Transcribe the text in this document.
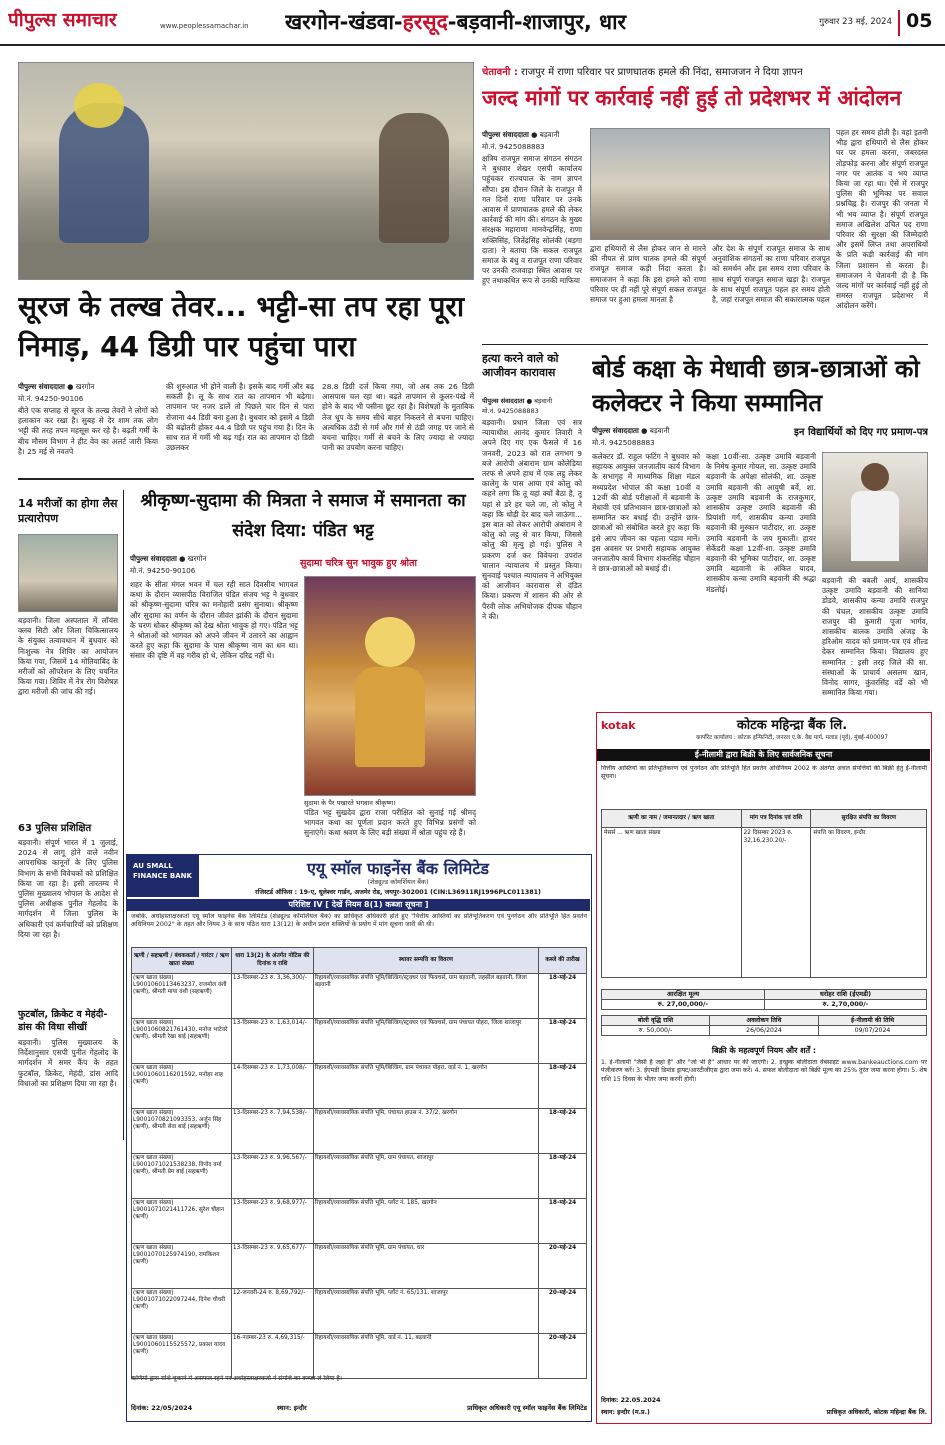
पीपुल्स समाचार	www.peoplessamachar.in	खरगोन-खंडवा-हरसूद-बड़वानी-शाजापुर, धार	गुरुवार 23 मई, 2024 05
सूरज के तल्ख तेवर... भट्टी-सा तप रहा पूरा निमाड़, 44 डिग्री पार पहुंचा पारा
पीपुल्स संवाददाता ● खरगोन
मो.नं. 94250-90106
बीते एक सप्ताह से सूरज के तल्ख तेवरों ने लोगों को हलाकान कर रखा है। सुबह से देर शाम तक लोग भट्टी की तरह तपन महसूस कर रहे है। बढ़ती गर्मी के बीच मौसम विभाग ने हीट वेव का अलर्ट जारी किया है। 25 मई से नवतपे
की शुरुआत भी होने वाली है। इसके बाद गर्मी और बढ़ सकती है। लू के साथ रात का तापमान भी बढ़ेगा। तापमान पर नजर डालें तो पिछले चार दिन से पारा रोजाना 44 डिग्री बना हुआ है। बुधवार को इसमें 4 डिग्री की बढ़ोतरी होकर 44.4 डिग्री पर पहुंच गया है। दिन के साथ रात में गर्मी भी बढ़ गई। रात का तापमान दो डिग्री उछलकर
28.8 डिग्री दर्ज किया गया, जो अब तक 26 डिग्री आसपास चल रहा था। बढ़ते तापमान से कूलर-पंखे में होने के बाद भी पसीना छूट रहा है। विशेषज्ञों के मुताबिक तेज धूप के समय सीधे बाहर निकलने से बचना चाहिए। अत्यधिक ठंडी से गर्म और गर्म से ठंडी जगह पर जाने से बचना चाहिए। गर्मी से बचने के लिए ज्यादा से ज्यादा पानी का उपयोग करना चाहिए।
चेतावनी : राजपुर में राणा परिवार पर प्राणघातक हमले की निंदा, समाजजन ने दिया ज्ञापन
जल्द मांगों पर कार्रवाई नहीं हुई तो प्रदेशभर में आंदोलन
पीपुल्स संवाददाता ● बड़वानी
मो.नं. 9425088883
क्षत्रिय राजपूत समाज संगठन संगठन ने बुधवार शेखर एसपी कार्यालय पहुंचकर राज्यपाल के नाम ज्ञापन सौंपा। इस दौरान जिले के राजपूत में गत दिनों राणा परिवार पर उनके आवास में प्राणघातक हमले की लेकर कार्रवाई की मांग की। संगठन के मुख्य संरक्षक महाराणा मानवेन्द्रसिंह, राणा शक्तिसिंह, जितेंद्रसिंह सोलंकी (बड़गा दाता) ने बताया कि सकल राजपूत समाज के बंधु व राजपूत राणा परिवार पर उनकी राजवाड़ा स्थित आवास पर हुए तथाकथित रूप से उनकी माफिया
द्वारा हथियारों से लैस होकर जान से मारने की नीयत से प्राण घातक हमले की संपूर्ण राजपूत समाज कड़ी निंदा करता है। समाजजन ने कहा कि इस हमले को राणा परिवार पर ही नहीं पूरे संपूर्ण सकल राजपूत समाज पर हुआ हमला मानता है
और देश के संपूर्ण राजपूत समाज के साथ अनुवांशिक संगठनों का राणा परिवार राजपूत को समर्थन और इस समय राणा परिवार के साथ संपूर्ण राजपूत समाज खड़ा है। राजपूत के साथ संपूर्ण राजपूत पहल हर समय होती है, जहां राजपूत समाज की सकारात्मक पहल
पहल हर समय होती है। वहां इतनी भीड़ द्वारा हथियारों से लैस होकर घर पर हमला करना, जबरदस्त तोड़फोड़ करना और संपूर्ण राजपूत नगर पर आतंक व भय व्याप्त किया जा रहा था। ऐसे में राजपुर पुलिस की भूमिका पर सवाल प्रश्नचिह्न है। राजपुर की जनता में भी भय व्याप्त है। संपूर्ण राजपूत समाज अखिलेश उचित पद राणा परिवार की सुरक्षा की जिम्मेदारी और इसमें लिप्त तथा अपराधियों के प्रति कड़ी कार्रवाई की मांग जिला प्रशासन से करता है। समाजजन ने चेतावनी दी है कि जल्द मांगों पर कार्रवाई नहीं हुई तो समस्त राजपूत प्रदेशभर में आंदोलन करेंगे।
हत्या करने वाले को आजीवन कारावास
पीपुल्स संवाददाता ● बड़वानी
मो.नं. 9425088883
बड़वानी। प्रधान जिला एवं सत्र न्यायाधीश आनंद कुमार तिवारी ने अपने दिए गए एक फैसले में 16 जनवरी, 2023 को रात लगभग 9 बजे आरोपी अंबाराम ग्राम कोलेड़िया तरफ से अपने हाथ में एक लट्ठ लेकर कालेगु के पास आया एवं कोलु को कहने लगा कि तू यहां क्यों बैठा है, तू यहां से डरे हर चले जा, तो कोलु ने कहा कि थोड़ी देर बाद चले जाऊंगा... इस बात को लेकर आरोपी अंबाराम ने कोलु को लट्ठ से वार किया, जिससे कोलु की मृत्यु हो गई। पुलिस ने प्रकरण दर्ज कर विवेचना उपरांत चालान न्यायालय में प्रस्तुत किया। सुनवाई पश्चात न्यायालय ने अभियुक्त को आजीवन कारावास से दंडित किया। प्रकरण में शासन की ओर से पैरवी लोक अभियोजक दीपक चौहान ने की।
बोर्ड कक्षा के मेधावी छात्र-छात्राओं को कलेक्टर ने किया सम्मानित
पीपुल्स संवाददाता ● बड़वानी	इन विद्यार्थियों को दिए गए प्रमाण-पत्र
मो.नं. 9425088883
कलेक्टर डॉ. राहुल फटिंग ने बुधवार को सहायक आयुक्त जनजातीय कार्य विभाग के सभागृह में माध्यमिक शिक्षा मंडल मध्यप्रदेश भोपाल की कक्षा 10वीं व 12वीं की बोर्ड परीक्षाओं में बड़वानी के मेधावी एवं प्रतिभावान छात्र-छात्राओं को सम्मानित कर बधाई दी। उन्होंने छात्र-छात्राओं को संबोधित करते हुए कहा कि इसे आप जीवन का पहला पड़ाव मानें। इस अवसर पर प्रभारी सहायक आयुक्त जनजातीय कार्य विभाग शंकरसिंह चौहान ने छात्र-छात्राओं को बधाई दी।
कक्षा 10वीं-सा. उत्कृष्ट उमावि बड़वानी के निमेष कुमार गोयल, सा. उत्कृष्ट उमावि बड़वानी के अपेक्षा सोलंकी, शा. उत्कृष्ट उमावि बड़वानी की आयुषी बर्वे, शा. उत्कृष्ट उमावि बड़वानी के राजकुमार, शासकीय उत्कृष्ट उमावि बड़वानी की प्रियांशी गर्ग, शासकीय कन्या उमावि बड़वानी की मुस्कान पाटीदार, शा. उत्कृष्ट उमावि बड़वानी के जय मुकाती। हायर सेकेंडरी कक्षा 12वीं-शा. उत्कृष्ट उमावि बड़वानी की भूमिका पाटीदार, शा. उत्कृष्ट उमावि बड़वानी के अंकित यादव, शासकीय कन्या उमावि बड़वानी की श्रद्धा मंडलोई।
बड़वानी की बबली आर्य, शासकीय उत्कृष्ट उमावि बड़वानी की सानिया डोडवे, शासकीय कन्या उमावि राजपुर की चंचल, शासकीय उत्कृष्ट उमावि राजपुर की कुमारी पूजा भार्गव, शासकीय बालक उमावि अंजड़ के हरिओम यादव को प्रमाण-पत्र एवं शील्ड देकर सम्मानित किया। विद्यालय हुए सम्मानित : इसी तरह जिले की सा. संस्थाओं के प्राचार्य असलम खान, विनोद सागर, कुंवरसिंह वर्डे को भी सम्मानित किया गया।
14 मरीजों का होगा लैस प्रत्यारोपण
बड़वानी। जिला अस्पताल में लॉयंस क्लब सिटी और जिला चिकित्सालय के संयुक्त तत्वावधान में बुधवार को निःशुल्क नेत्र शिविर का आयोजन किया गया, जिसमें 14 मोतियाबिंद के मरीजों को ऑपरेशन के लिए चयनित किया गया। शिविर में नेत्र रोग विशेषज्ञ द्वारा मरीजों की जांच की गई।
63 पुलिस प्रशिक्षित
बड़वानी। संपूर्ण भारत में 1 जुलाई, 2024 से लागू होने वाले नवीन आपराधिक कानूनों के लिए पुलिस विभाग के सभी विवेचकों को प्रशिक्षित किया जा रहा है। इसी तारतम्य में पुलिस मुख्यालय भोपाल के आदेश से पुलिस अधीक्षक पुनीत गेहलोद के मार्गदर्शन में जिला पुलिस के अधिकारी एवं कर्मचारियों को प्रशिक्षण दिया जा रहा है।
फुटबॉल, क्रिकेट व मेहंदी-डांस की विधा सीखीं
बड़वानी। पुलिस मुख्यालय के निर्देशानुसार एसपी पुनीत गेहलोद के मार्गदर्शन में समर कैंप के तहत फुटबॉल, क्रिकेट, मेहंदी, डांस आदि विधाओं का प्रशिक्षण दिया जा रहा है।
श्रीकृष्ण-सुदामा की मित्रता ने समाज में समानता का संदेश दिया: पंडित भट्ट
पीपुल्स संवाददाता ● खरगोन
मो.नं. 94250-90106
सुदामा चरित्र सुन भावुक हुए श्रोता
शहर के सीता मंगल भवन में चल रही सात दिवसीय भागवत कथा के दौरान व्यासपीठ विराजित पंडित संजय भट्ट ने बुधवार को श्रीकृष्ण-सुदामा चरित्र का मनोहारी प्रसंग सुनाया। श्रीकृष्ण और सुदामा का वर्णन के दौरान जीवंत झांकी के दौरान सुदामा के चरण धोकर श्रीकृष्ण को देख श्रोता भावुक हो गए। पंडित भट्ट ने श्रोताओं को भागवत को अपने जीवन में उतारने का आह्वान करते हुए कहा कि सुदामा के पास श्रीकृष्ण नाम का धन था। संसार की दृष्टि में वह गरीब हो थे, लेकिन दरिद्र नहीं थे।
सुदामा के पैर पखारते भगवान श्रीकृष्ण।
पंडित भट्ट सुखदेव द्वारा राजा परीक्षित को सुनाई गई श्रीमद् भागवत कथा का पूर्णता प्रदान करते हुए विभिन्न प्रसंगों को सुनाएंगे। कथा श्रवण के लिए बड़ी संख्या में श्रोता पहुंच रहे हैं।
AU SMALL FINANCE BANK	एयू स्मॉल फाइनेंस बैंक लिमिटेड
(शेड्यूल्ड कॉमर्शियल बैंक)
रजिस्टर्ड ऑफिस : 19-ए, धूलेश्वर गार्डन, अजमेर रोड, जयपुर-302001 (CIN:L36911RJ1996PLC011381)
परिशिष्ट IV [ देखें नियम 8(1) कब्जा सूचना ]
जबकि, अधोहस्ताक्षरकर्ता एयू स्मॉल फाइनेंस बैंक लिमिटेड (शेड्यूल्ड कॉमर्शियल बैंक) का प्राधिकृत अधिकारी होते हुए "वित्तीय आस्तियों का प्रतिभूतिकरण एवं पुनर्गठन और प्रतिभूति हित प्रवर्तन अधिनियम 2002" के तहत और नियम 3 के साथ पठित धारा 13(12) के अधीन प्रदत्त शक्तियों के प्रयोग में मांग सूचना जारी की थी।
ऋणी / सहऋणी / बंधककर्ता / गारंटर / ऋण खाता संख्या	धारा 13(2) के अंतर्गत नोटिस की दिनांक व राशि	स्थावर सम्पत्ति का विवरण	कब्जे की तारीख
(ऋण खाता संख्या) L9001060113463237, राजमोल वंशी (ऋणी), श्रीमती माया वंशी (सहऋणी)	13-दिसम्बर-23 रु. 3,36,300/-	रिहायशी/व्यावसायिक संपत्ति भूमि/बिल्डिंग/स्ट्रक्चर एवं फिक्चर्स, ग्राम बड़वानी, तहसील बड़वानी, जिला बड़वानी	18-मई-24
(ऋण खाता संख्या) L9001060821761430, मनोज भाटेवरे (ऋणी), श्रीमती रेखा बाई (सहऋणी)	13-दिसम्बर-23 रु. 1,63,014/-	रिहायशी/व्यावसायिक संपत्ति भूमि/बिल्डिंग/स्ट्रक्चर एवं फिक्चर्स, ग्राम पंचायत पोहरा, जिला शाजापुर	18-मई-24
(ऋण खाता संख्या) L9001060116201592, मनोहर शाह (ऋणी)	14-दिसम्बर-23 रु. 1,73,008/-	रिहायशी/व्यावसायिक संपत्ति भूमि/बिल्डिंग, ग्राम पंचायत पोहरा, वार्ड नं. 1, खरगोन	18-मई-24
(ऋण खाता संख्या) L9001070821093353, अर्जुन सिंह (ऋणी), श्रीमती सेवा बाई (सहऋणी)	13-दिसम्बर-23 रु. 7,94,538/-	रिहायशी/व्यावसायिक संपत्ति भूमि, पंचायत हाउस नं. 37/2, खरगोन	18-मई-24
(ऋण खाता संख्या) L9001071021538238, विनोद वर्मा (ऋणी), श्रीमती प्रेम बाई (सहऋणी)	13-दिसम्बर-23 रु. 9,96,567/-	रिहायशी/व्यावसायिक संपत्ति भूमि, ग्राम पंचायत, शाजापुर	18-मई-24
(ऋण खाता संख्या) L9001071021411726, सुरेश चौहान (ऋणी)	13-दिसम्बर-23 रु. 9,68,977/-	रिहायशी/व्यावसायिक संपत्ति भूमि, प्लॉट नं. 185, खरगोन	18-मई-24
(ऋण खाता संख्या) L9001070125974190, रामकिशन (ऋणी)	13-दिसम्बर-23 रु. 9,65,677/-	रिहायशी/व्यावसायिक संपत्ति भूमि, ग्राम पंचायत, धार	20-मई-24
(ऋण खाता संख्या) L9001071022097244, दिनेश चौधरी (ऋणी)	12-जनवरी-24 रु. 8,69,792/-	रिहायशी/व्यावसायिक संपत्ति भूमि, प्लॉट नं. 65/131, शाजापुर	20-मई-24
(ऋण खाता संख्या) L9001060115525572, प्रकाश यादव (ऋणी)	16-नवम्बर-23 रु. 4,69,315/-	रिहायशी/व्यावसायिक संपत्ति भूमि, वार्ड नं. 11, बड़वानी	20-मई-24
ऋणियों द्वारा राशि चुकाने में असफल रहने पर अधोहस्ताक्षरकर्ता ने संपत्ति का कब्जा ले लिया है।
दिनांक: 22/05/2024	स्थान: इन्दौर	प्राधिकृत अधिकारी एयू स्मॉल फाइनेंस बैंक लिमिटेड
kotak	कोटक महिन्द्रा बैंक लि.
कार्पोरेट कार्यालय : कोटक इन्फिनिटी, जनरल ए.के. वैद्य मार्ग, मलाड (पूर्व), मुंबई-400097
ई-नीलामी द्वारा बिक्री के लिए सार्वजनिक सूचना
वित्तीय आस्तियों का प्रतिभूतिकरण एवं पुनर्गठन और प्रतिभूति हित प्रवर्तन अधिनियम 2002 के अंतर्गत अचल संपत्तियों की बिक्री हेतु ई-नीलामी सूचना।
ऋणी का नाम / जमानतदार / ऋण खाता	मांग पत्र दिनांक एवं राशि	सुरक्षित संपत्ति का विवरण
मेसर्स ... ऋण खाता संख्या	22 दिसम्बर 2023 रु. 32,16,230.20/-	संपत्ति का विवरण, इन्दौर
आरक्षित मूल्य	धरोहर राशि (ईएमडी)
रु. 27,00,000/-	रु. 2,70,000/-
बोली वृद्धि राशि	अवलोकन तिथि	ई-नीलामी की तिथि
रु. 50,000/-	26/06/2024	09/07/2024
बिक्री के महत्वपूर्ण नियम और शर्तें :
1. ई-नीलामी "जैसी है जहां है" और "जो भी है" आधार पर की जाएगी। 2. इच्छुक बोलीदाता वेबसाइट www.bankeauctions.com पर पंजीकरण करें। 3. ईएमडी डिमांड ड्राफ्ट/आरटीजीएस द्वारा जमा करें। 4. सफल बोलीदाता को बिक्री मूल्य का 25% तुरंत जमा करना होगा। 5. शेष राशि 15 दिवस के भीतर जमा करनी होगी।
दिनांक: 22.05.2024
स्थान: इन्दौर (म.प्र.)	प्राधिकृत अधिकारी, कोटक महिन्द्रा बैंक लि.
